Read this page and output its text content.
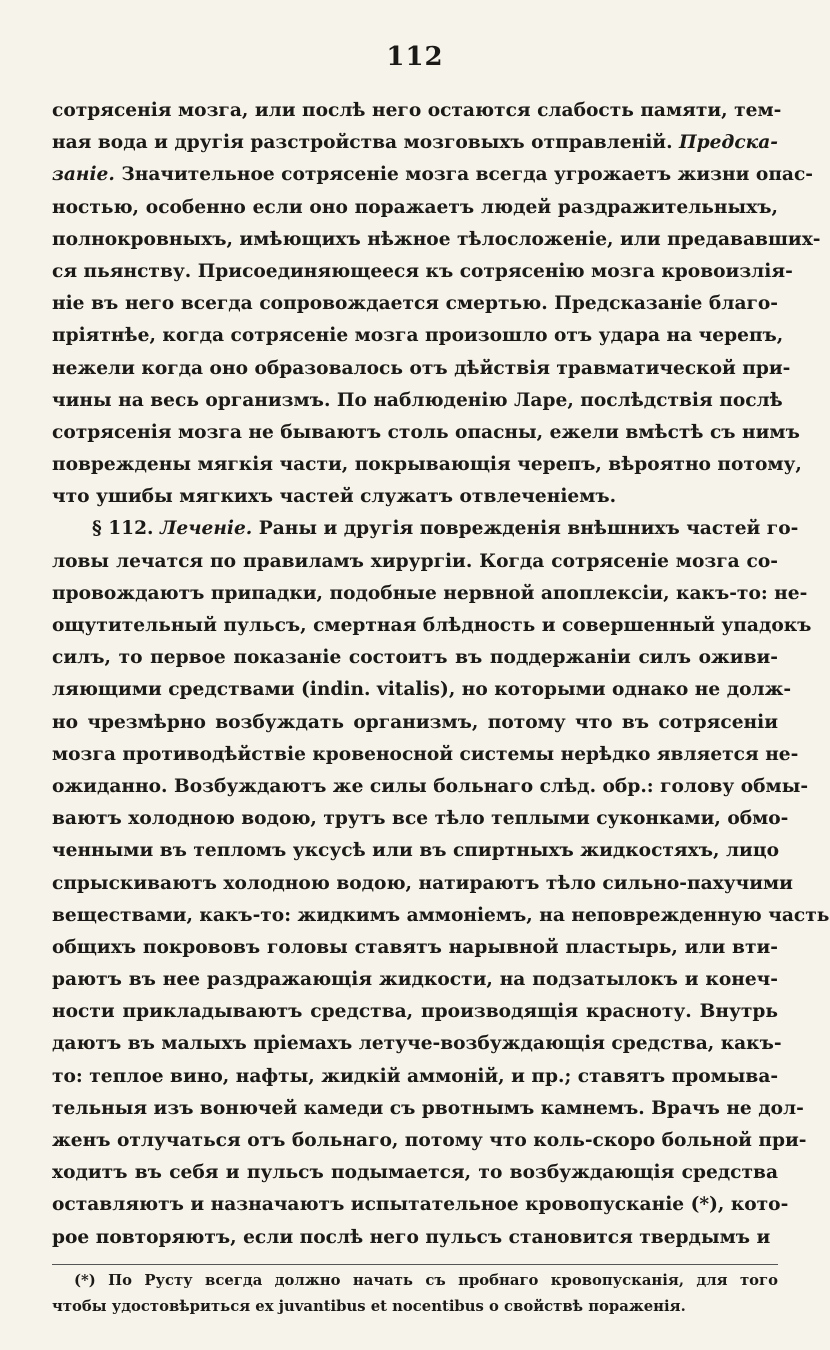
112
сотрясенія мозга, или послѣ него остаются слабость памяти, тем-
ная вода и другія разстройства мозговыхъ отправленій. Предска-
заніе. Значительное сотрясеніе мозга всегда угрожаетъ жизни опас-
ностью, особенно если оно поражаетъ людей раздражительныхъ,
полнокровныхъ, имѣющихъ нѣжное тѣлосложеніе, или предававших-
ся пьянству. Присоединяющееся къ сотрясенію мозга кровоизлія-
ніе въ него всегда сопровождается смертью. Предсказаніе благо-
пріятнѣе, когда сотрясеніе мозга произошло отъ удара на черепъ,
нежели когда оно образовалось отъ дѣйствія травматической при-
чины на весь организмъ. По наблюденію Ларе, послѣдствія послѣ
сотрясенія мозга не бываютъ столь опасны, ежели вмѣстѣ съ нимъ
повреждены мягкія части, покрывающія черепъ, вѣроятно потому,
что ушибы мягкихъ частей служатъ отвлеченіемъ.
§ 112. Леченіе. Раны и другія поврежденія внѣшнихъ частей го-
ловы лечатся по правиламъ хирургіи. Когда сотрясеніе мозга со-
провождаютъ припадки, подобные нервной апоплексіи, какъ-то: не-
ощутительный пульсъ, смертная блѣдность и совершенный упадокъ
силъ, то первое показаніе состоитъ въ поддержаніи силъ оживи-
ляющими средствами (indin. vitalis), но которыми однако не долж-
но чрезмѣрно возбуждать организмъ, потому что въ сотрясеніи
мозга противодѣйствіе кровеносной системы нерѣдко является не-
ожиданно. Возбуждаютъ же силы больнаго слѣд. обр.: голову обмы-
ваютъ холодною водою, трутъ все тѣло теплыми суконками, обмо-
ченными въ тепломъ уксусѣ или въ спиртныхъ жидкостяхъ, лицо
спрыскиваютъ холодною водою, натираютъ тѣло сильно-пахучими
веществами, какъ-то: жидкимъ аммоніемъ, на неповрежденную часть
общихъ покрововъ головы ставятъ нарывной пластырь, или вти-
раютъ въ нее раздражающія жидкости, на подзатылокъ и конеч-
ности прикладываютъ средства, производящія красноту. Внутрь
даютъ въ малыхъ пріемахъ летуче-возбуждающія средства, какъ-
то: теплое вино, нафты, жидкій аммоній, и пр.; ставятъ промыва-
тельныя изъ вонючей камеди съ рвотнымъ камнемъ. Врачъ не дол-
женъ отлучаться отъ больнаго, потому что коль-скоро больной при-
ходитъ въ себя и пульсъ подымается, то возбуждающія средства
оставляютъ и назначаютъ испытательное кровопусканіе (*), кото-
рое повторяютъ, если послѣ него пульсъ становится твердымъ и
(*) По Русту всегда должно начать съ пробнаго кровопусканія, для того
чтобы удостовѣриться ex juvantibus et nocentibus о свойствѣ пораженія.
